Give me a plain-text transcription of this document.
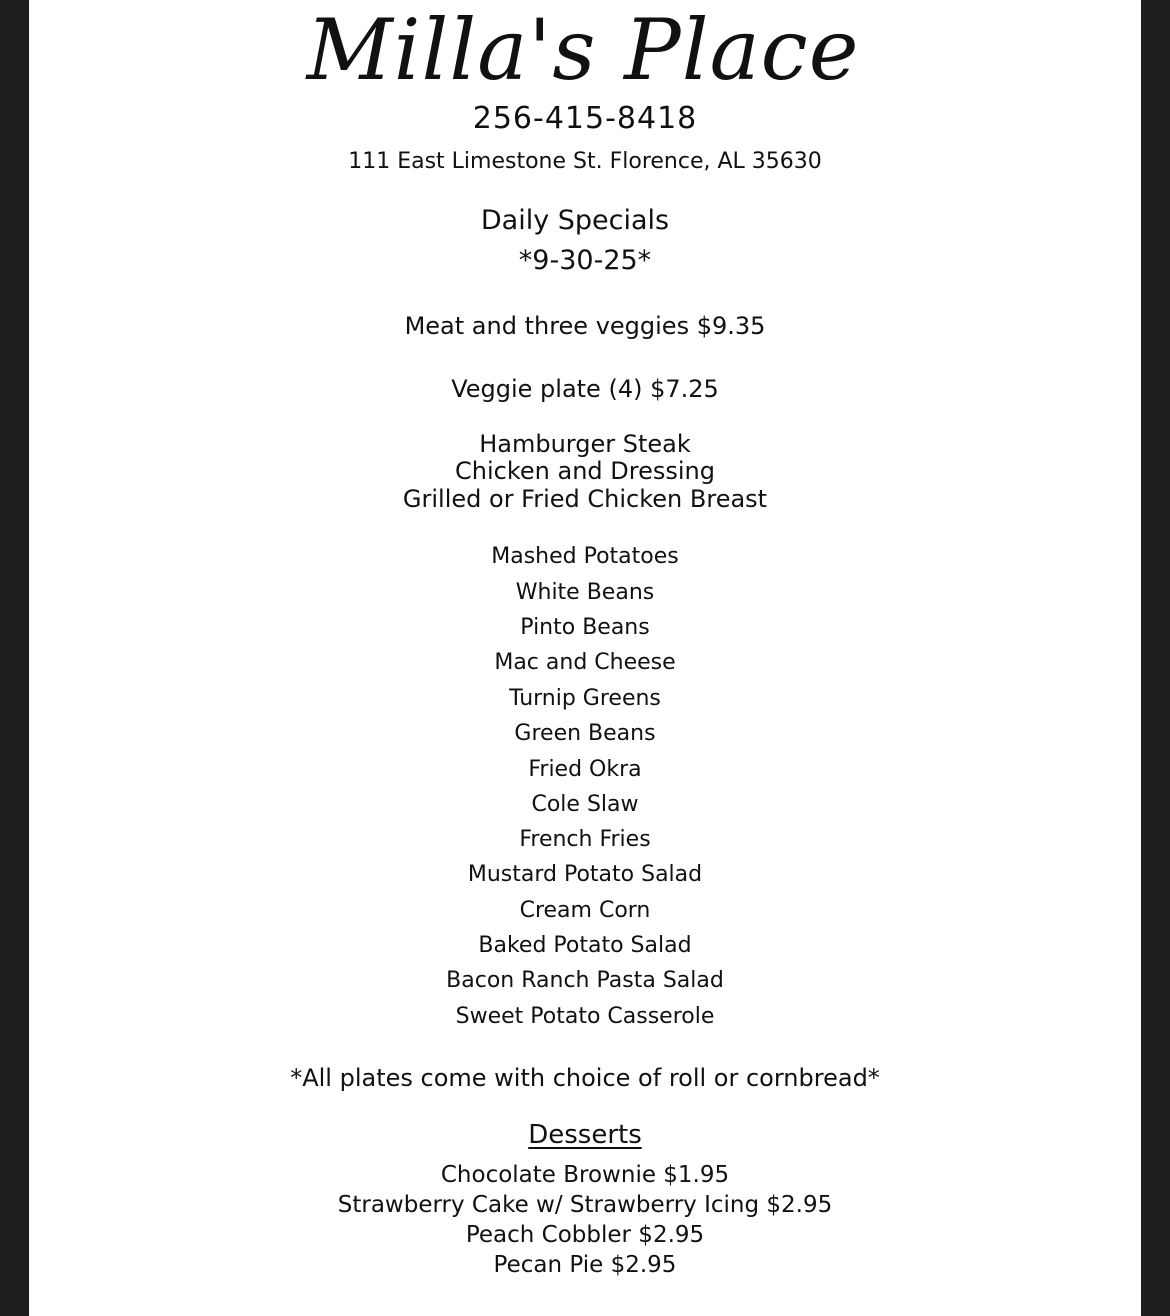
Milla's Place
256-415-8418
111 East Limestone St. Florence, AL 35630
Daily Specials
*9-30-25*
Meat and three veggies $9.35
Veggie plate (4) $7.25
Hamburger Steak
Chicken and Dressing
Grilled or Fried Chicken Breast
Mashed Potatoes
White Beans
Pinto Beans
Mac and Cheese
Turnip Greens
Green Beans
Fried Okra
Cole Slaw
French Fries
Mustard Potato Salad
Cream Corn
Baked Potato Salad
Bacon Ranch Pasta Salad
Sweet Potato Casserole
*All plates come with choice of roll or cornbread*
Desserts
Chocolate Brownie $1.95
Strawberry Cake w/ Strawberry Icing $2.95
Peach Cobbler $2.95
Pecan Pie $2.95
